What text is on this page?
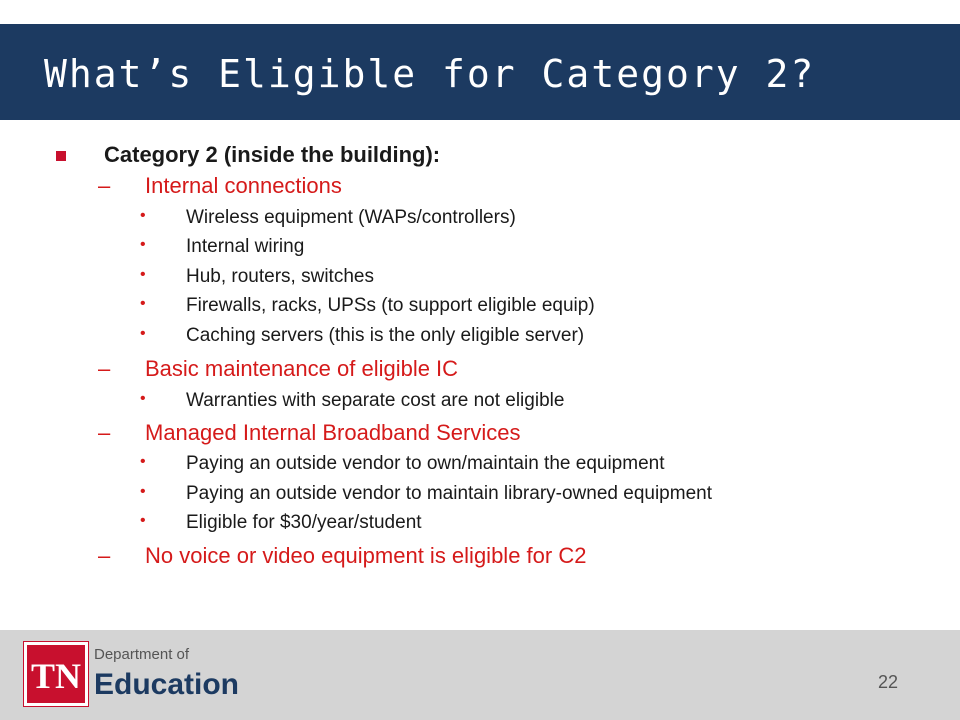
What’s Eligible for Category 2?
Category 2 (inside the building):
– Internal connections
• Wireless equipment (WAPs/controllers)
• Internal wiring
• Hub, routers, switches
• Firewalls, racks, UPSs (to support eligible equip)
• Caching servers (this is the only eligible server)
– Basic maintenance of eligible IC
• Warranties with separate cost are not eligible
– Managed Internal Broadband Services
• Paying an outside vendor to own/maintain the equipment
• Paying an outside vendor to maintain library-owned equipment
• Eligible for $30/year/student
– No voice or video equipment is eligible for C2
TN
Department of
Education	22
